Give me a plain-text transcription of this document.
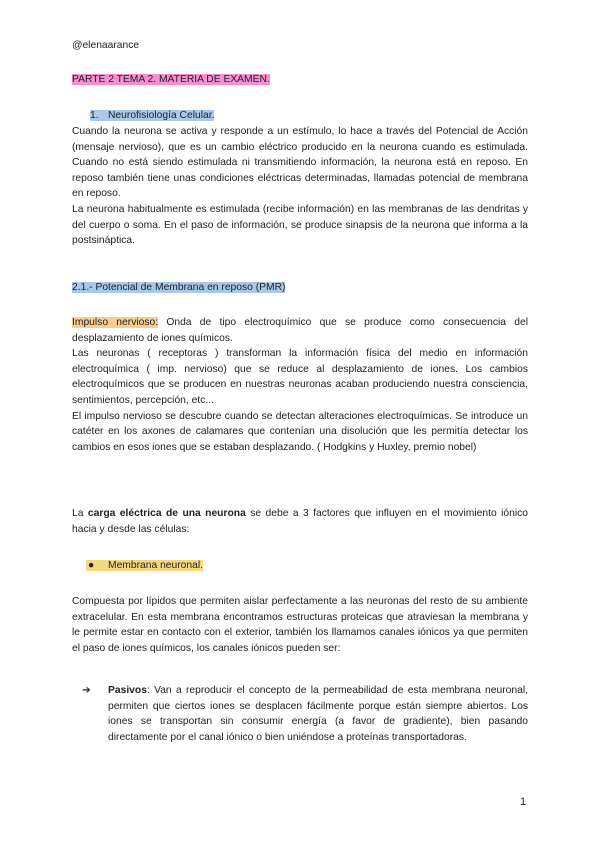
@elenaarance
PARTE 2 TEMA 2. MATERIA DE EXAMEN.
1. Neurofisiología Celular.

Cuando la neurona se activa y responde a un estímulo, lo hace a través del Potencial de Acción (mensaje nervioso), que es un cambio eléctrico producido en la neurona cuando es estimulada. Cuando no está siendo estimulada ni transmitiendo información, la neurona está en reposo. En reposo también tiene unas condiciones eléctricas determinadas, llamadas potencial de membrana en reposo.

La neurona habitualmente es estimulada (recibe información) en las membranas de las dendritas y del cuerpo o soma. En el paso de información, se produce sinapsis de la neurona que informa a la postsináptica.

2.1.- Potencial de Membrana en reposo (PMR)

Impulso nervioso: Onda de tipo electroquímico que se produce como consecuencia del desplazamiento de iones químicos.

Las neuronas ( receptoras ) transforman la información física del medio en información electroquímica ( imp. nervioso) que se reduce al desplazamiento de iones. Los cambios electroquímicos que se producen en nuestras neuronas acaban produciendo nuestra consciencia, sentimientos, percepción, etc...

El impulso nervioso se descubre cuando se detectan alteraciones electroquímicas. Se introduce un catéter en los axones de calamares que contenían una disolución que les permitía detectar los cambios en esos iones que se estaban desplazando. ( Hodgkins y Huxley, premio nobel)

La carga eléctrica de una neurona se debe a 3 factores que influyen en el movimiento iónico hacia y desde las células:

● Membrana neuronal.

Compuesta por lípidos que permiten aislar perfectamente a las neuronas del resto de su ambiente extracelular. En esta membrana encontramos estructuras proteicas que atraviesan la membrana y le permite estar en contacto con el exterior, también los llamamos canales iónicos ya que permiten el paso de iones químicos, los canales iónicos pueden ser:

➔ Pasivos: Van a reproducir el concepto de la permeabilidad de esta membrana neuronal, permiten que ciertos iones se desplacen fácilmente porque están siempre abiertos. Los iones se transportan sin consumir energía (a favor de gradiente), bien pasando directamente por el canal iónico o bien uniéndose a proteínas transportadoras.

1
